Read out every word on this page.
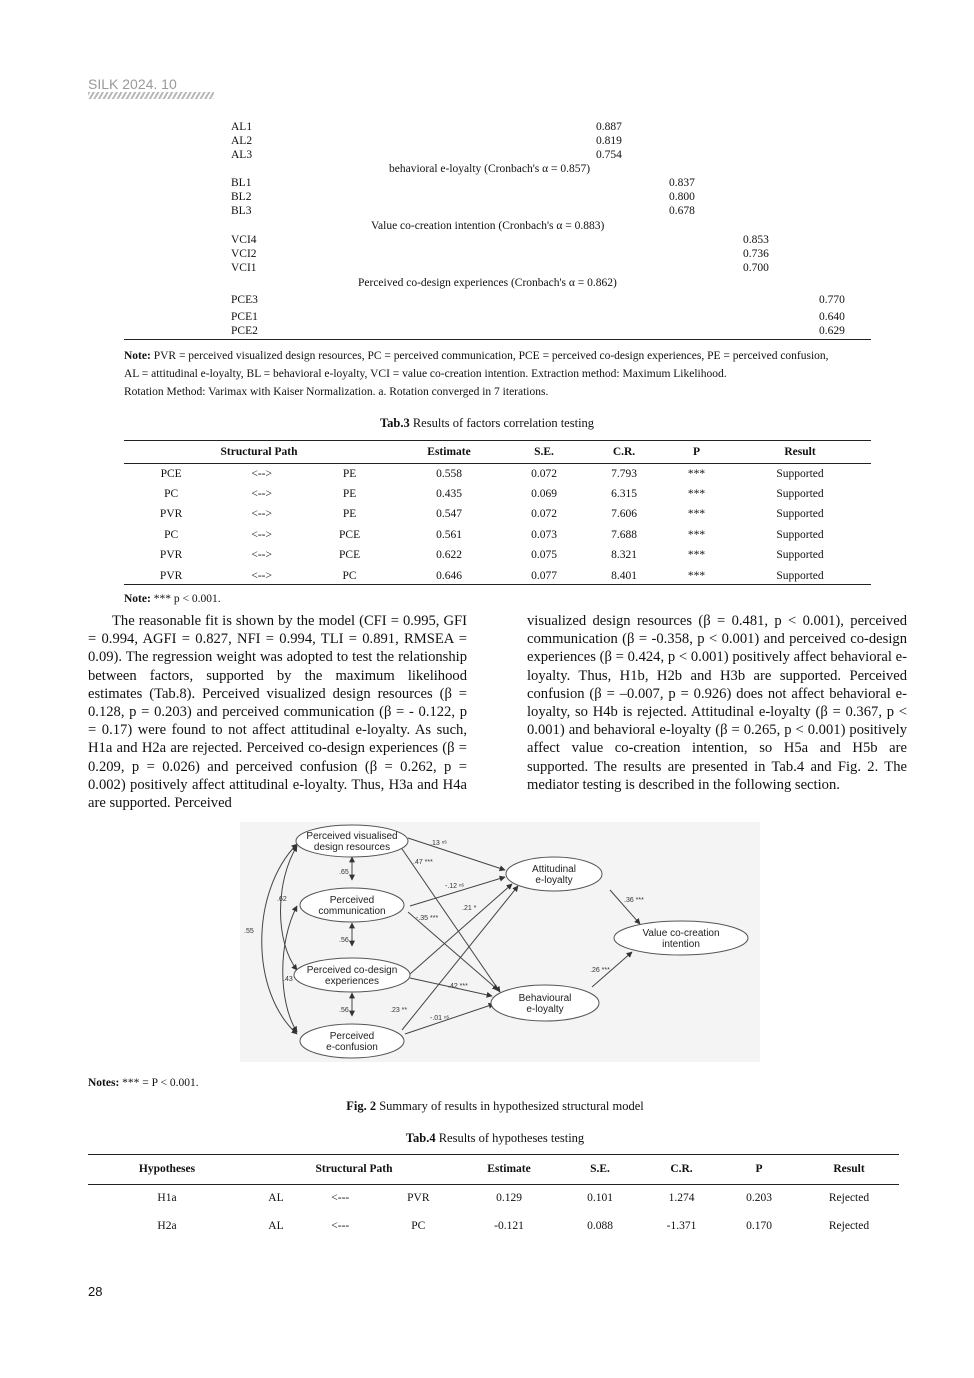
SILK 2024. 10
AL1	0.887
AL2	0.819
AL3	0.754
behavioral e-loyalty (Cronbach's α = 0.857)
BL1	0.837
BL2	0.800
BL3	0.678
Value co-creation intention (Cronbach's α = 0.883)
VCI4	0.853
VCI2	0.736
VCI1	0.700
Perceived co-design experiences (Cronbach's α = 0.862)
PCE3	0.770
PCE1	0.640
PCE2	0.629
Note: PVR = perceived visualized design resources, PC = perceived communication, PCE = perceived co-design experiences, PE = perceived confusion,
AL = attitudinal e-loyalty, BL = behavioral e-loyalty, VCI = value co-creation intention. Extraction method: Maximum Likelihood.
Rotation Method: Varimax with Kaiser Normalization. a. Rotation converged in 7 iterations.
Tab.3 Results of factors correlation testing
Structural Path			Estimate	S.E.	C.R.	P	Result
PCE	<-->	PE	0.558	0.072	7.793	***	Supported
PC	<-->	PE	0.435	0.069	6.315	***	Supported
PVR	<-->	PE	0.547	0.072	7.606	***	Supported
PC	<-->	PCE	0.561	0.073	7.688	***	Supported
PVR	<-->	PCE	0.622	0.075	8.321	***	Supported
PVR	<-->	PC	0.646	0.077	8.401	***	Supported
Note: *** p < 0.001.

The reasonable fit is shown by the model (CFI = 0.995, GFI = 0.994, AGFI = 0.827, NFI = 0.994, TLI = 0.891, RMSEA = 0.09). The regression weight was adopted to test the relationship between factors, supported by the maximum likelihood estimates (Tab.8). Perceived visualized design resources (β = 0.128, p = 0.203) and perceived communication (β = - 0.122, p = 0.17) were found to not affect attitudinal e-loyalty. As such, H1a and H2a are rejected. Perceived co-design experiences (β = 0.209, p = 0.026) and perceived confusion (β = 0.262, p = 0.002) positively affect attitudinal e-loyalty. Thus, H3a and H4a are supported. Perceived

visualized design resources (β = 0.481, p < 0.001), perceived communication (β = -0.358, p < 0.001) and perceived co-design experiences (β = 0.424, p < 0.001) positively affect behavioral e-loyalty. Thus, H1b, H2b and H3b are supported. Perceived confusion (β = –0.007, p = 0.926) does not affect behavioral e-loyalty, so H4b is rejected. Attitudinal e-loyalty (β = 0.367, p < 0.001) and behavioral e-loyalty (β = 0.265, p < 0.001) positively affect value co-creation intention, so H5a and H5b are supported. The results are presented in Tab.4 and Fig. 2. The mediator testing is described in the following section.
Perceived visualised
design resources
Perceived
communication
Perceived co-design
experiences
Perceived
e-confusion
Attitudinal
e-loyalty
Behavioural
e-loyalty
Value co-creation
intention
.13 ⁿˢ
.47 ***
-.12 ⁿˢ
-.35 ***
.21 *
.42 ***
.23 **
-.01 ⁿˢ
.36 ***
.26 ***
.65
.56
.56
.62
.55
.43
Notes: *** = P < 0.001.
Fig. 2 Summary of results in hypothesized structural model
Tab.4 Results of hypotheses testing
Hypotheses	Structural Path			Estimate	S.E.	C.R.	P	Result
H1a	AL	<---	PVR	0.129	0.101	1.274	0.203	Rejected
H2a	AL	<---	PC	-0.121	0.088	-1.371	0.170	Rejected
28
